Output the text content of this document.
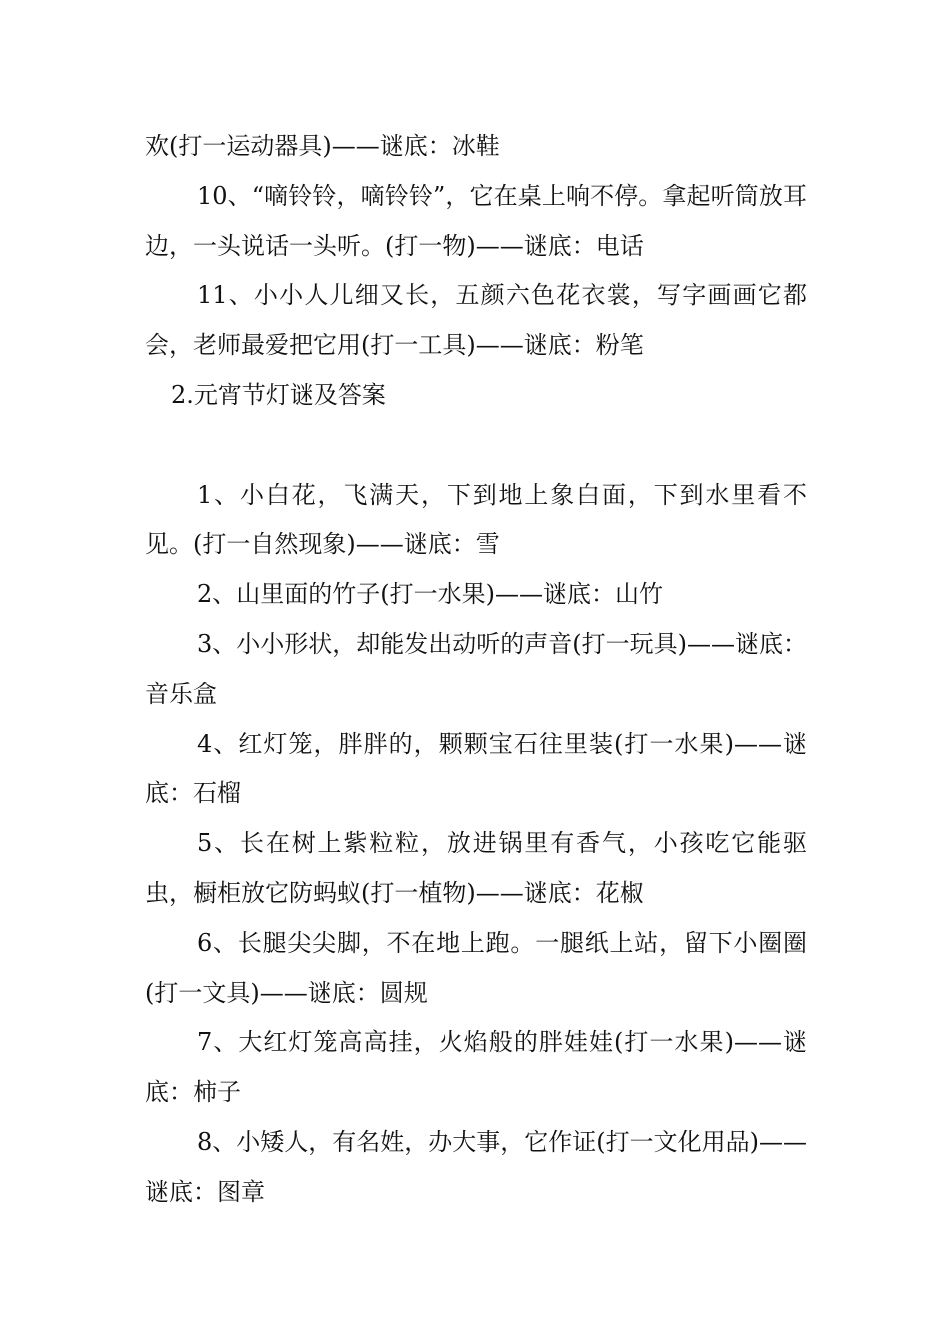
欢(打一运动器具)——谜底：冰鞋

10、“嘀铃铃，嘀铃铃”，它在桌上响不停。拿起听筒放耳边，一头说话一头听。(打一物)——谜底：电话

11、小小人儿细又长，五颜六色花衣裳，写字画画它都会，老师最爱把它用(打一工具)——谜底：粉笔

2.元宵节灯谜及答案

1、小白花，飞满天，下到地上象白面，下到水里看不见。(打一自然现象)——谜底：雪

2、山里面的竹子(打一水果)——谜底：山竹

3、小小形状，却能发出动听的声音(打一玩具)——谜底：音乐盒

4、红灯笼，胖胖的，颗颗宝石往里装(打一水果)——谜底：石榴

5、长在树上紫粒粒，放进锅里有香气，小孩吃它能驱虫，橱柜放它防蚂蚁(打一植物)——谜底：花椒

6、长腿尖尖脚，不在地上跑。一腿纸上站，留下小圈圈(打一文具)——谜底：圆规

7、大红灯笼高高挂，火焰般的胖娃娃(打一水果)——谜底：柿子

8、小矮人，有名姓，办大事，它作证(打一文化用品)——谜底：图章
